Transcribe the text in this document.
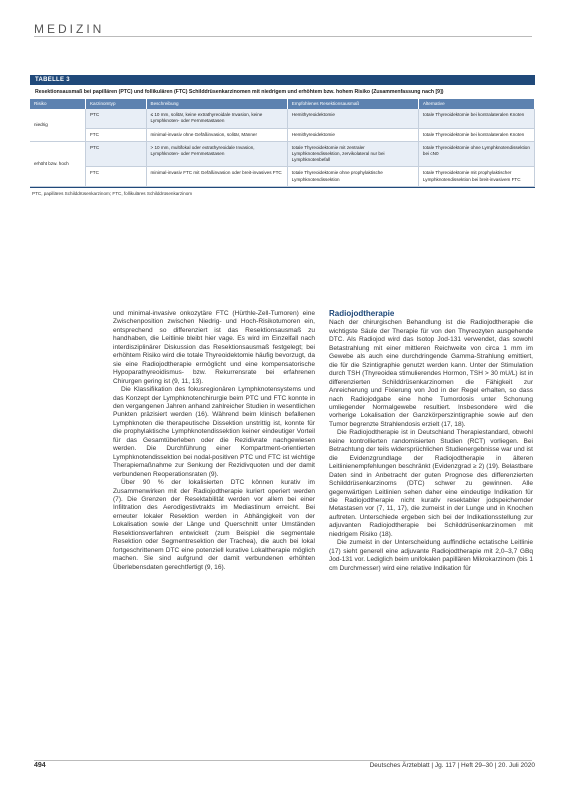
MEDIZIN
TABELLE 3
Resektionsausmaß bei papillären (PTC) und follikulären (FTC) Schilddrüsenkarzinomen mit niedrigem und erhöhtem bzw. hohem Risiko (Zusammenfassung nach [9])
Risiko	Karzinomtyp	Beschreibung	Empfohlenes Resektionsausmaß	Alternative
niedrig	PTC	≤ 10 mm, solitär, keine extrathyreoidale Invasion, keine Lymphknoten- oder Fernmetastasen	Hemithyreoidektomie	totale Thyreoidektomie bei kontralateralen Knoten
	FTC	minimal-invasiv ohne Gefäßinvasion, solitär, Männer	Hemithyreoidektomie	totale Thyreoidektomie bei kontralateralen Knoten
erhöht bzw. hoch	PTC	> 10 mm, multifokal oder extrathyreoidale Invasion, Lymphknoten- oder Fernmetastasen	totale Thyreoidektomie mit zentraler Lymphknotendissektion, zervikolateral nur bei Lymphknotenbefall	totale Thyreoidektomie ohne Lymphknotendissektion bei cN0
	FTC	minimal-invasiv FTC mit Gefäßinvasion oder breit-invasives FTC	totale Thyreoidektomie ohne prophylaktische Lymphknotendissektion	totale Thyreoidektomie mit prophylaktischer Lymphknotendissektion bei breit-invasivem FTC
PTC, papilläres Schilddrüsenkarzinom; FTC, follikuläres Schilddrüsenkarzinom

und minimal-invasive onkozytäre FTC (Hürthle-Zell-Tumoren) eine Zwischenposition zwischen Niedrig- und Hoch-Risikotumoren ein, entsprechend so differenziert ist das Resektionsausmaß zu handhaben, die Leitlinie bleibt hier vage. Es wird im Einzelfall nach interdisziplinärer Diskussion das Resektionsausmaß festgelegt; bei erhöhtem Risiko wird die totale Thyreoidektomie häufig bevorzugt, da sie eine Radiojodtherapie ermöglicht und eine kompensatorische Hypoparathyreoidismus- bzw. Rekurrensrate bei erfahrenen Chirurgen gering ist (9, 11, 13).

Die Klassifikation des fokusregionären Lymphknotensystems und das Konzept der Lymphknotenchirurgie beim PTC und FTC konnte in den vergangenen Jahren anhand zahlreicher Studien in wesentlichen Punkten präzisiert werden (16). Während beim klinisch befallenen Lymphknoten die therapeutische Dissektion unstrittig ist, konnte für die prophylaktische Lymphknotendissektion keiner eindeutiger Vorteil für das Gesamtüberleben oder die Rezidivrate nachgewiesen werden. Die Durchführung einer Kompartment-orientierten Lymphknotendissektion bei nodal-positiven PTC und FTC ist wichtige Therapiemaßnahme zur Senkung der Rezidivquoten und der damit verbundenen Reoperationsraten (9).

Über 90 % der lokalisierten DTC können kurativ im Zusammenwirken mit der Radiojodtherapie kuriert operiert werden (7). Die Grenzen der Resektabilität werden vor allem bei einer Infiltration des Aerodigestivtrakts im Mediastinum erreicht. Bei erneuter lokaler Resektion werden in Abhängigkeit von der Lokalisation sowie der Länge und Querschnitt unter Umständen Resektionsverfahren entwickelt (zum Beispiel die segmentale Resektion oder Segmentresektion der Trachea), die auch bei lokal fortgeschrittenem DTC eine potenziell kurative Lokaltherapie möglich machen. Sie sind aufgrund der damit verbundenen erhöhten Überlebensdaten gerechtfertigt (9, 16).

Radiojodtherapie

Nach der chirurgischen Behandlung ist die Radiojodtherapie die wichtigste Säule der Therapie für von den Thyreozyten ausgehende DTC. Als Radiojod wird das Isotop Jod-131 verwendet, das sowohl Betastrahlung mit einer mittleren Reichweite von circa 1 mm im Gewebe als auch eine durchdringende Gamma-Strahlung emittiert, die für die Szintigraphie genutzt werden kann. Unter der Stimulation durch TSH (Thyreoidea stimulierendes Hormon, TSH > 30 mU/L) ist in differenzierten Schilddrüsenkarzinomen die Fähigkeit zur Anreicherung und Fixierung von Jod in der Regel erhalten, so dass nach Radiojodgabe eine hohe Tumordosis unter Schonung umliegender Normalgewebe resultiert. Insbesondere wird die vorherige Lokalisation der Ganzkörperszintigraphie sowie auf den Tumor begrenzte Strahlendosis erzielt (17, 18).

Die Radiojodtherapie ist in Deutschland Therapiestandard, obwohl keine kontrollierten randomisierten Studien (RCT) vorliegen. Bei Betrachtung der teils widersprüchlichen Studienergebnisse war und ist die Evidenzgrundlage der Radiojodtherapie in älteren Leitlinienempfehlungen beschränkt (Evidenzgrad ≥ 2) (19). Belastbare Daten sind in Anbetracht der guten Prognose des differenzierten Schilddrüsenkarzinoms (DTC) schwer zu gewinnen. Alle gegenwärtigen Leitlinien sehen daher eine eindeutige Indikation für die Radiojodtherapie nicht kurativ resektabler jodspeichernder Metastasen vor (7, 11, 17), die zumeist in der Lunge und in Knochen auftreten. Unterschiede ergeben sich bei der Indikationsstellung zur adjuvanten Radiojodtherapie bei Schilddrüsenkarzinomen mit niedrigem Risiko (18).

Die zumeist in der Unterscheidung auffindliche ectatische Leitlinie (17) sieht generell eine adjuvante Radiojodtherapie mit 2,0–3,7 GBq Jod-131 vor. Lediglich beim unifokalen papillären Mikrokarzinom (bis 1 cm Durchmesser) wird eine relative Indikation für

494	Deutsches Ärzteblatt | Jg. 117 | Heft 29–30 | 20. Juli 2020
